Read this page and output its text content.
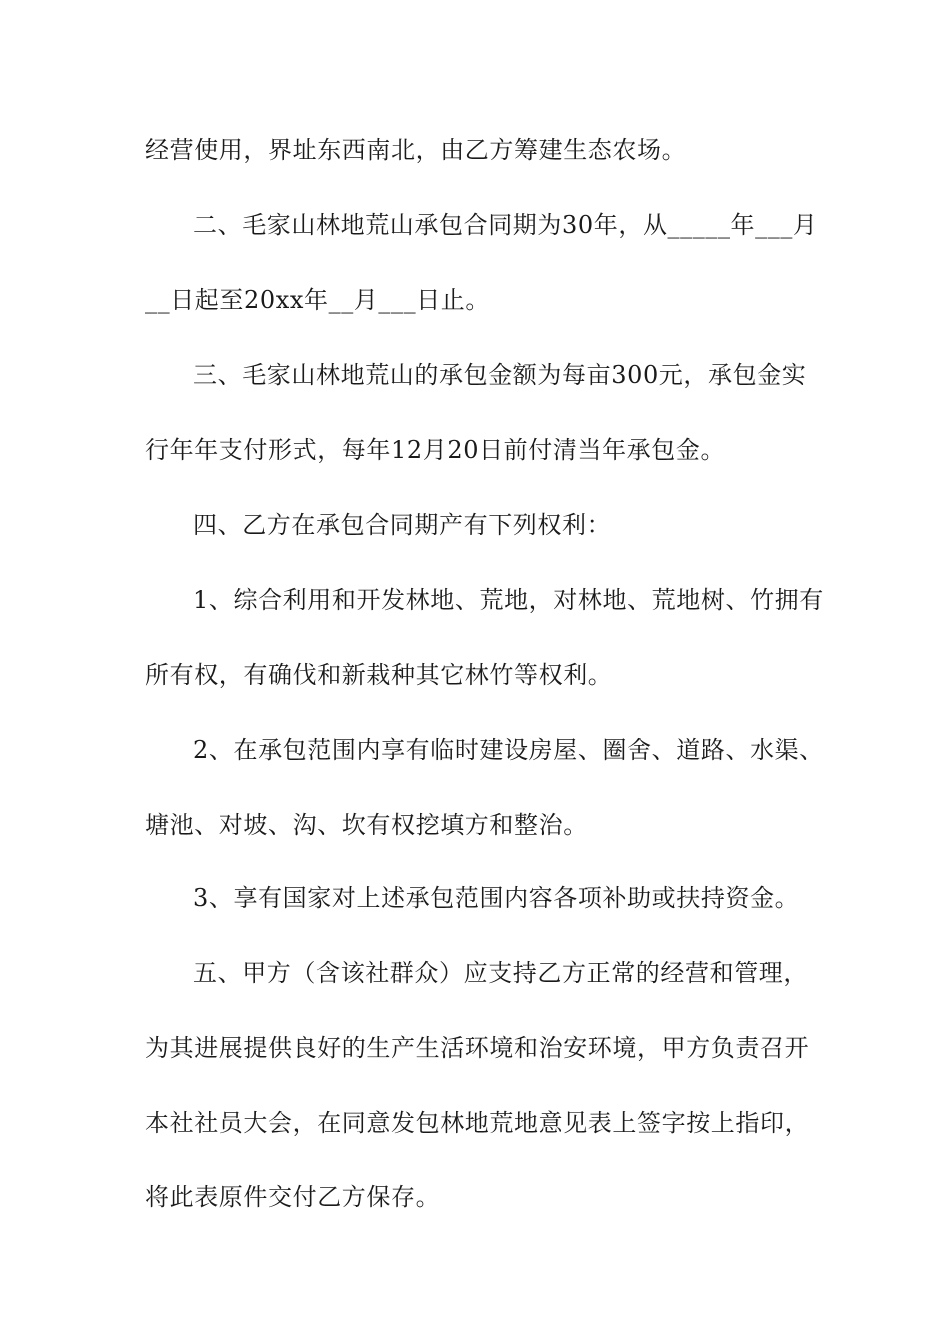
经营使用，界址东西南北，由乙方筹建生态农场。
二、毛家山林地荒山承包合同期为30年，从_____年___月
__日起至20xx年__月___日止。
三、毛家山林地荒山的承包金额为每亩300元，承包金实
行年年支付形式，每年12月20日前付清当年承包金。
四、乙方在承包合同期产有下列权利：
1、综合利用和开发林地、荒地，对林地、荒地树、竹拥有
所有权，有确伐和新栽种其它林竹等权利。
2、在承包范围内享有临时建设房屋、圈舍、道路、水渠、
塘池、对坡、沟、坎有权挖填方和整治。
3、享有国家对上述承包范围内容各项补助或扶持资金。
五、甲方（含该社群众）应支持乙方正常的经营和管理，
为其进展提供良好的生产生活环境和治安环境，甲方负责召开
本社社员大会，在同意发包林地荒地意见表上签字按上指印，
将此表原件交付乙方保存。
